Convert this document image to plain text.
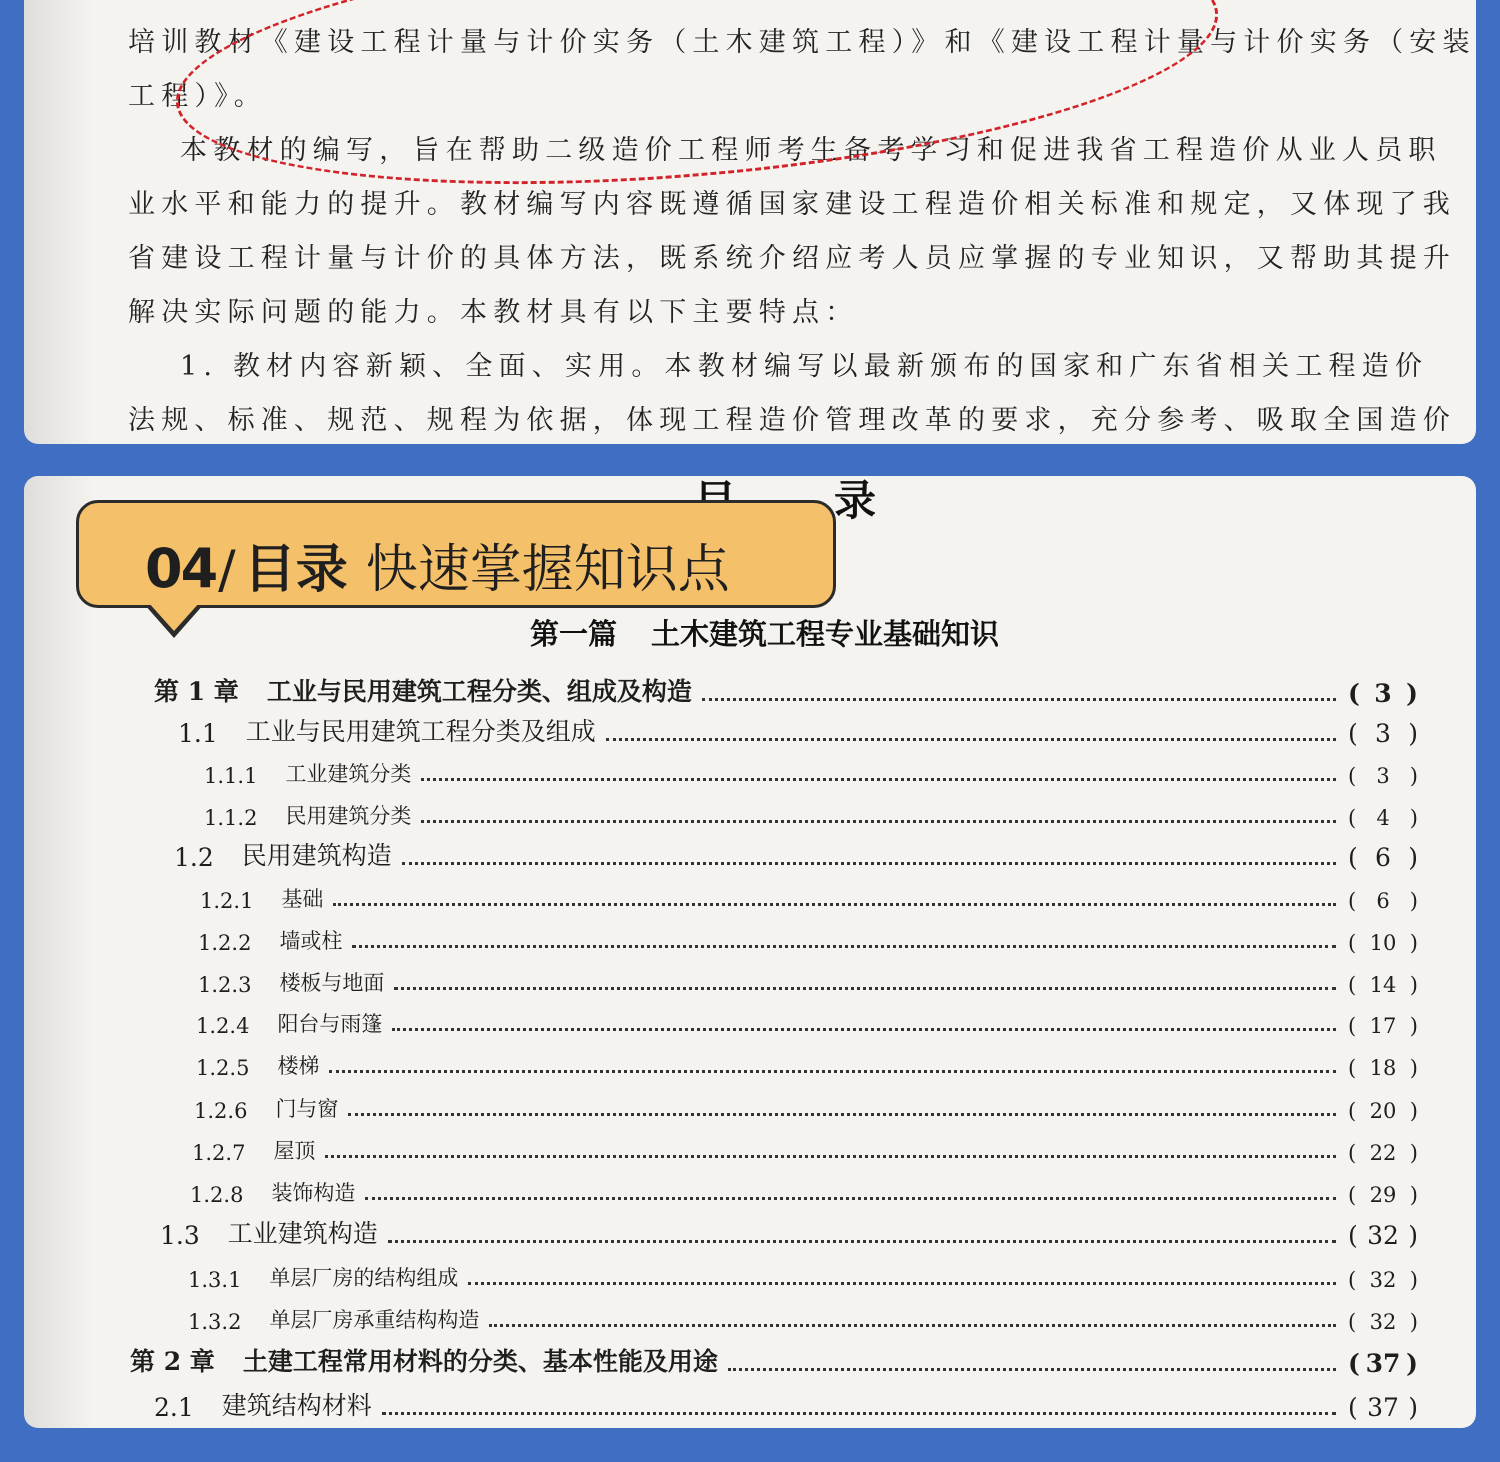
培训教材《建设工程计量与计价实务（土木建筑工程）》和《建设工程计量与计价实务（安装
工程）》。
本教材的编写，旨在帮助二级造价工程师考生备考学习和促进我省工程造价从业人员职
业水平和能力的提升。教材编写内容既遵循国家建设工程造价相关标准和规定，又体现了我
省建设工程计量与计价的具体方法，既系统介绍应考人员应掌握的专业知识，又帮助其提升
解决实际问题的能力。本教材具有以下主要特点：
1. 教材内容新颖、全面、实用。本教材编写以最新颁布的国家和广东省相关工程造价
法规、标准、规范、规程为依据，体现工程造价管理改革的要求，充分参考、吸取全国造价
录
04/ 目录 快速掌握知识点
第一篇 土木建筑工程专业基础知识
第 1 章 工业与民用建筑工程分类、组成及构造	( 3 )
1.1 工业与民用建筑工程分类及组成	( 3 )
1.1.1 工业建筑分类	( 3 )
1.1.2 民用建筑分类	( 4 )
1.2 民用建筑构造	( 6 )
1.2.1 基础	( 6 )
1.2.2 墙或柱	( 10 )
1.2.3 楼板与地面	( 14 )
1.2.4 阳台与雨篷	( 17 )
1.2.5 楼梯	( 18 )
1.2.6 门与窗	( 20 )
1.2.7 屋顶	( 22 )
1.2.8 装饰构造	( 29 )
1.3 工业建筑构造	( 32 )
1.3.1 单层厂房的结构组成	( 32 )
1.3.2 单层厂房承重结构构造	( 32 )
第 2 章 土建工程常用材料的分类、基本性能及用途	( 37 )
2.1 建筑结构材料	( 37 )
